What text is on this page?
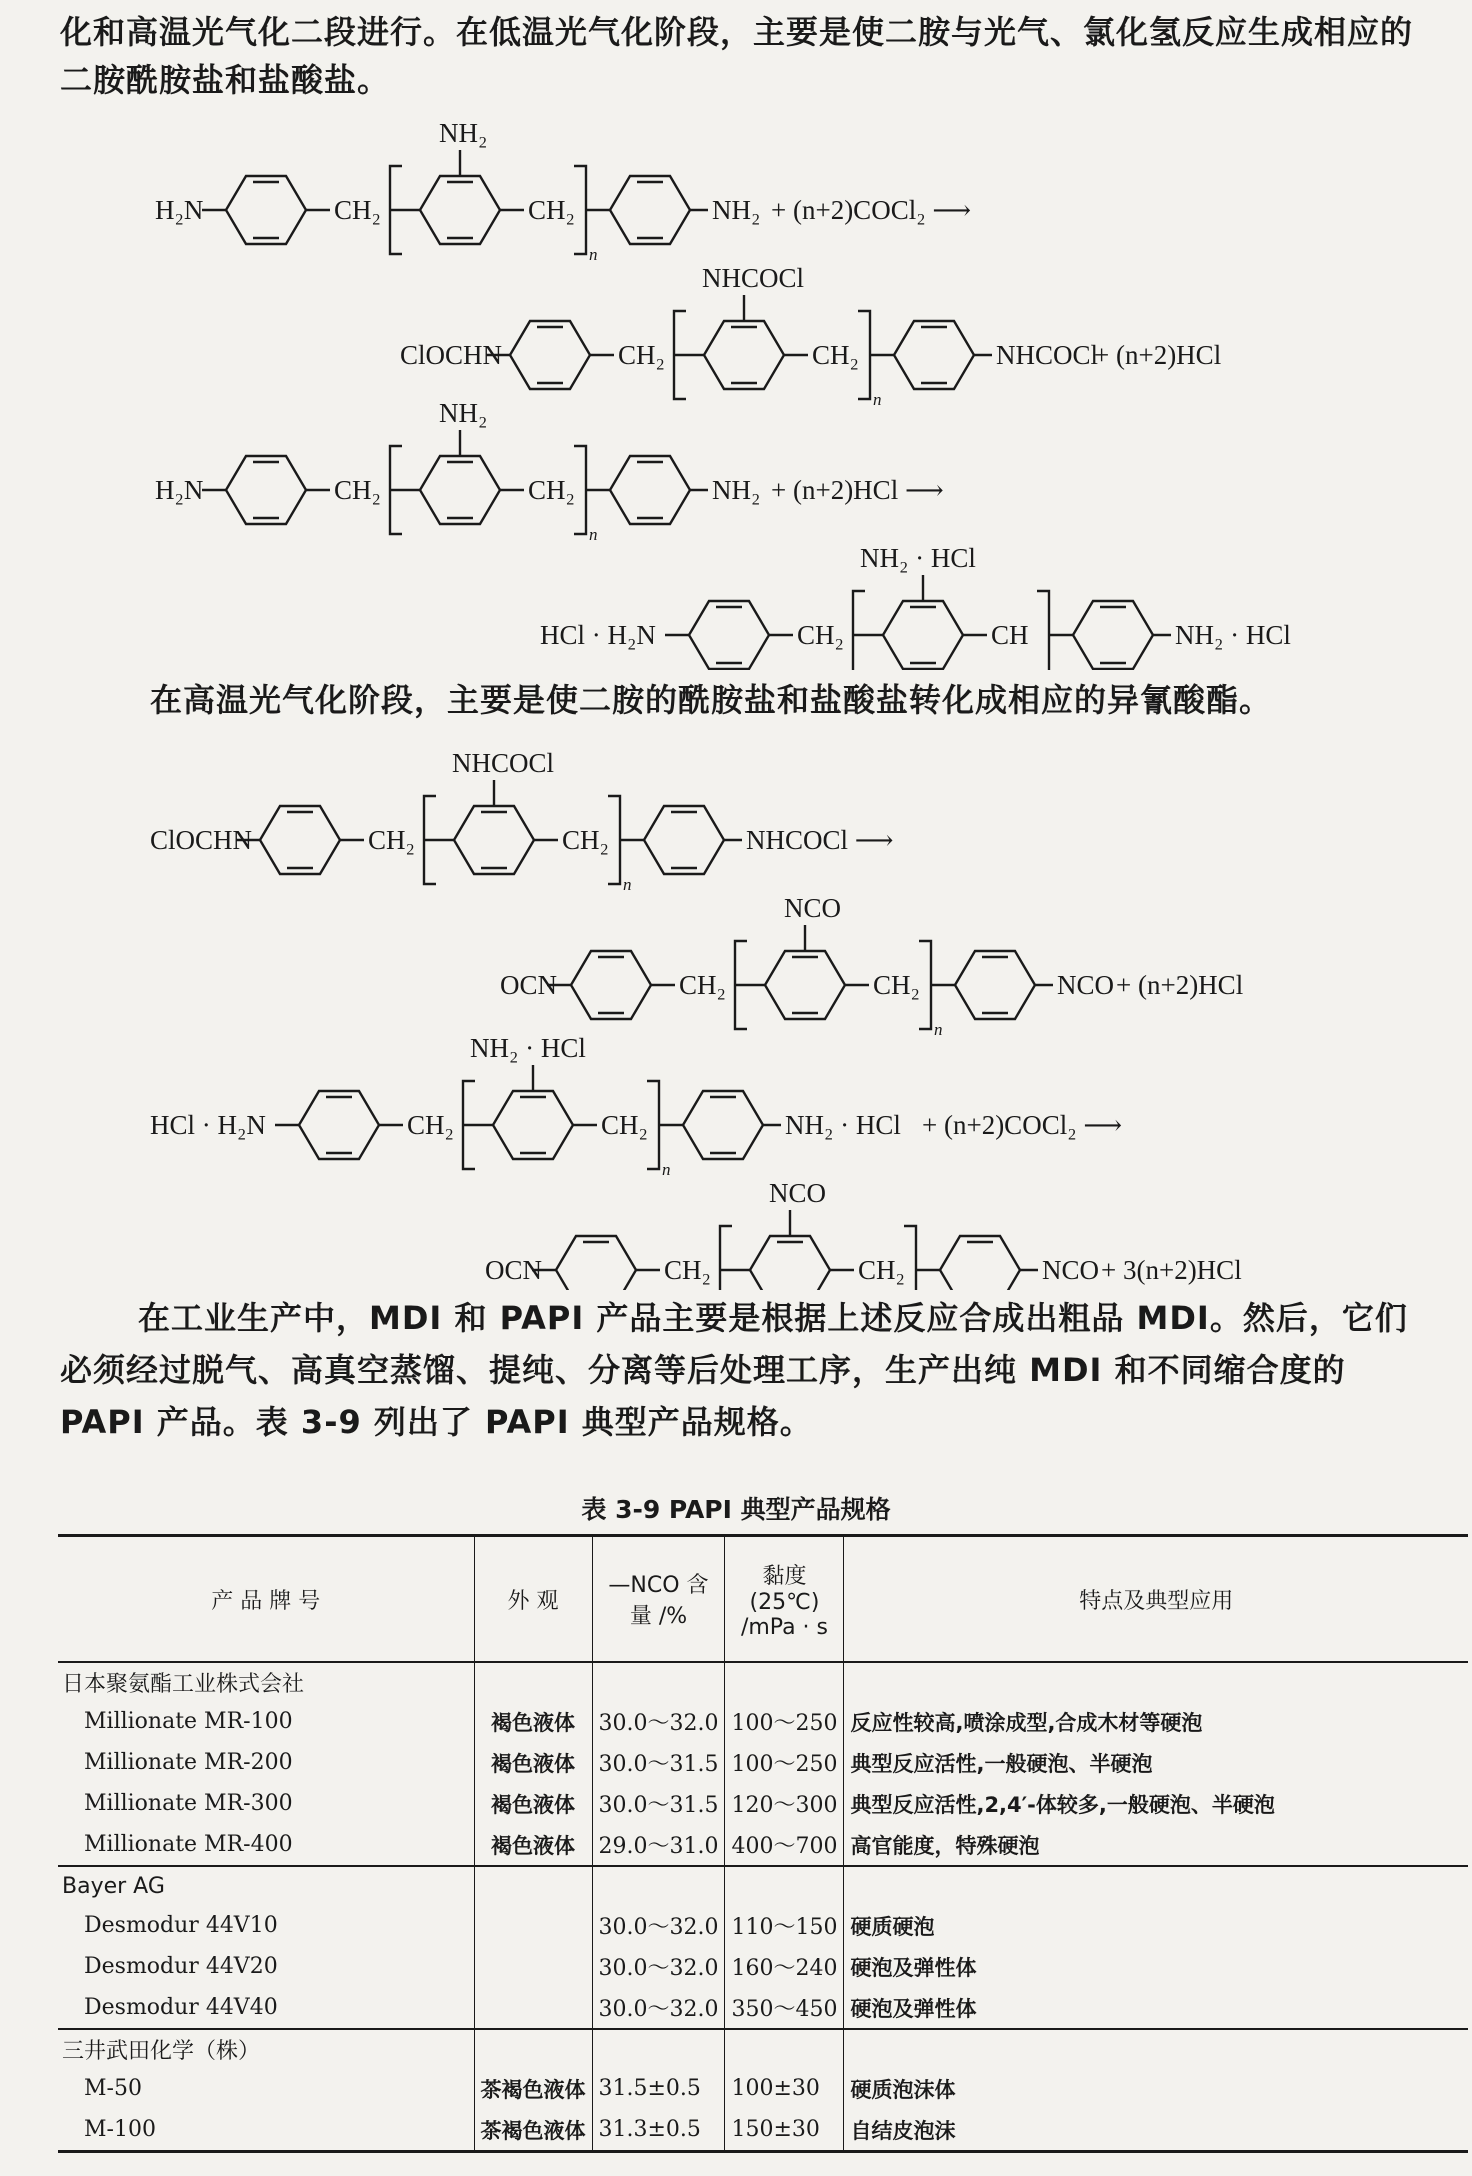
化和高温光气化二段进行。在低温光气化阶段，主要是使二胺与光气、氯化氢反应生成相应的二胺酰胺盐和盐酸盐。

H₂N	CH₂
NH₂
CH₂
n
NH₂ + (n+2)COCl₂ ⟶
ClOCHN	CH₂
NHCOCl
CH₂
n
NHCOCl
+ (n+2)HCl
H₂N	CH₂
NH₂
CH₂
n
NH₂ + (n+2)HCl ⟶
HCl · H₂N	CH₂
NH₂ · HCl
CH	NH₂ · HCl

在高温光气化阶段，主要是使二胺的酰胺盐和盐酸盐转化成相应的异氰酸酯。

ClOCHN	CH₂
NHCOCl
CH₂
n
NHCOCl ⟶
OCN	CH₂
NCO
CH₂
n
NCO + (n+2)HCl
HCl · H₂N	CH₂
NH₂ · HCl
CH₂
n
NH₂ · HCl + (n+2)COCl₂ ⟶
OCN	CH₂
NCO
CH₂	NCO + 3(n+2)HCl

在工业生产中，MDI 和 PAPI 产品主要是根据上述反应合成出粗品 MDI。然后，它们必须经过脱气、高真空蒸馏、提纯、分离等后处理工序，生产出纯 MDI 和不同缩合度的 PAPI 产品。表 3-9 列出了 PAPI 典型产品规格。

表 3-9 PAPI 典型产品规格
产 品 牌 号	外 观	—NCO 含量 /%	黏度 (25℃) /mPa · s	特点及典型应用
日本聚氨酯工业株式会社				
Millionate MR-100	褐色液体	30.0～32.0	100～250	反应性较高,喷涂成型,合成木材等硬泡
Millionate MR-200	褐色液体	30.0～31.5	100～250	典型反应活性,一般硬泡、半硬泡
Millionate MR-300	褐色液体	30.0～31.5	120～300	典型反应活性,2,4′-体较多,一般硬泡、半硬泡
Millionate MR-400	褐色液体	29.0～31.0	400～700	高官能度，特殊硬泡
Bayer AG				
Desmodur 44V10		30.0～32.0	110～150	硬质硬泡
Desmodur 44V20		30.0～32.0	160～240	硬泡及弹性体
Desmodur 44V40		30.0～32.0	350～450	硬泡及弹性体
三井武田化学（株）				
M-50	茶褐色液体	31.5±0.5	100±30	硬质泡沫体
M-100	茶褐色液体	31.3±0.5	150±30	自结皮泡沫
